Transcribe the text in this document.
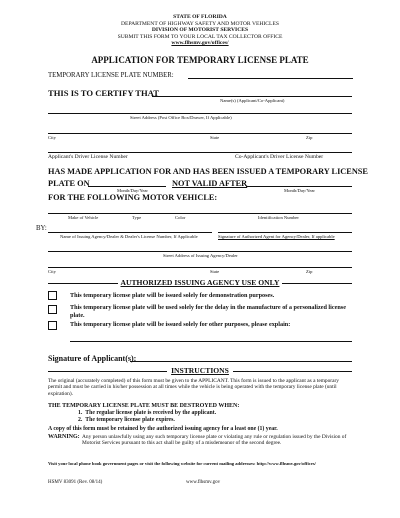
STATE OF FLORIDA
DEPARTMENT OF HIGHWAY SAFETY AND MOTOR VEHICLES
DIVISION OF MOTORIST SERVICES
SUBMIT THIS FORM TO YOUR LOCAL TAX COLLECTOR OFFICE
www.flhsmv.gov/offices/
APPLICATION FOR TEMPORARY LICENSE PLATE
TEMPORARY LICENSE PLATE NUMBER:
THIS IS TO CERTIFY THAT
Name(s) (Applicant/Co-Applicant)
Street Address (Post Office Box/Drawer, If Applicable)
City	State	Zip
Applicant's Driver License Number	Co-Applicant's Driver License Number
HAS MADE APPLICATION FOR AND HAS BEEN ISSUED A TEMPORARY LICENSE
PLATE ON	NOT VALID AFTER
Month/Day/Year	Month/Day/Year
FOR THE FOLLOWING MOTOR VEHICLE:
Make of Vehicle	Type	Color	Identification Number
BY:
Name of Issuing Agency/Dealer & Dealer's License Number, If Applicable	Signature of Authorized Agent for Agency/Dealer, If applicable
Street Address of Issuing Agency/Dealer
City	State	Zip
AUTHORIZED ISSUING AGENCY USE ONLY
This temporary license plate will be issued solely for demonstration purposes.
This temporary license plate will be used solely for the delay in the manufacture of a personalized license plate.
This temporary license plate will be issued solely for other purposes, please explain:
Signature of Applicant(s):
INSTRUCTIONS
The original (accurately completed) of this form must be given to the APPLICANT. This form is issued to the applicant as a temporary permit and must be carried in his/her possession at all times while the vehicle is being operated with the temporary license plate (until expiration).
THE TEMPORARY LICENSE PLATE MUST BE DESTROYED WHEN:
1.  The regular license plate is received by the applicant.
2.  The temporary license plate expires.
A copy of this form must be retained by the authorized issuing agency for a least one (1) year.
WARNING: Any person unlawfully using any such temporary license plate or violating any rule or regulation issued by the Division of Motorist Services pursuant to this act shall be guilty of a misdemeanor of the second degree.
Visit your local phone book government pages or visit the following website for current mailing addresses: http://www.flhsmv.gov/offices/
HSMV 83091 (Rev. 08/14)	www.flhsmv.gov
